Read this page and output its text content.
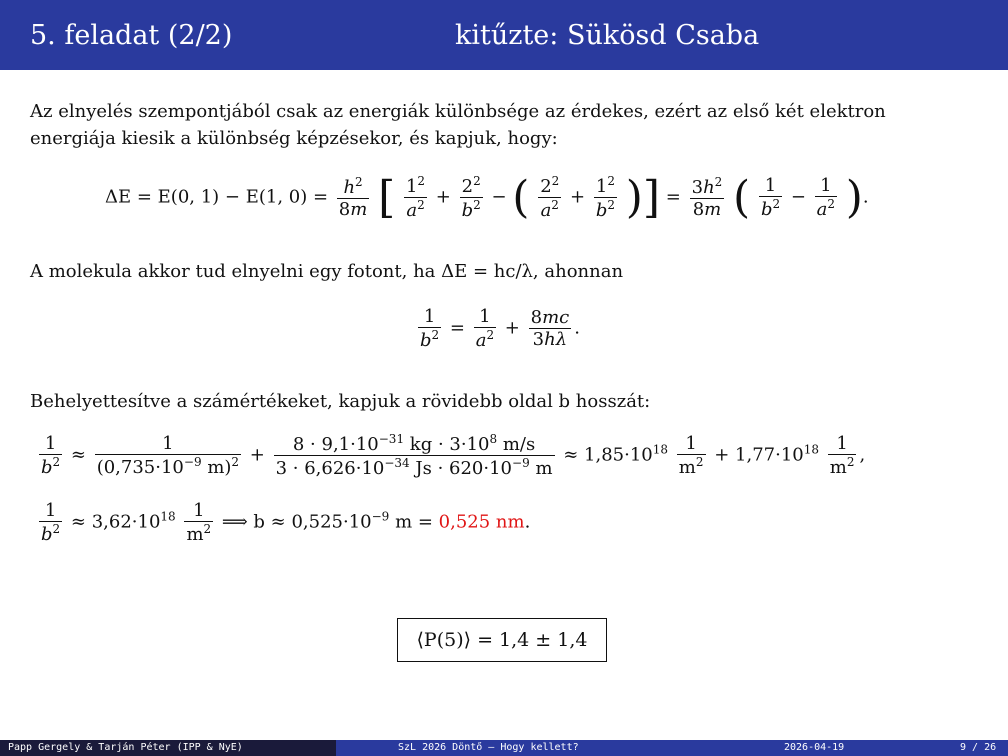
5. feladat (2/2)	kitűzte: Sükösd Csaba
Az elnyelés szempontjából csak az energiák különbsége az érdekes, ezért az első két elektron
energiája kiesik a különbség képzésekor, és kapjuk, hogy:
ΔE = E(0, 1) − E(1, $0) = \frac{h^2}{8m}$ [ $\frac{1^2}{a^2} + \frac{2^2}{b^2}$ − ( $\frac{2^2}{a^2} + \frac{1^2}{b^2}$ )] = $\frac{3h^2}{8m}$ ( $\frac{1}{b^2} - \frac{1}{a^2}$ ).
A molekula akkor tud elnyelni egy fotont, ha ΔE = hc/λ, ahonnan
$\frac{1}{b^2} = \frac{1}{a^2} + \frac{8mc}{3h\lambda}$ .
Behelyettesítve a számértékeket, kapjuk a rövidebb oldal b hosszát:
$\frac{1}{b^2} \approx \frac{1}{(0,735\cdot 10^{-9} m)^2} + \frac{8 \cdot 9,1\cdot 10^{-31} kg \cdot 3\cdot 10^8 m/s}{3 \cdot 6,626\cdot 10^{-34} Js \cdot 620\cdot 10^{-9} m} \approx 1,85\cdot 10^{18} \frac{1}{m^2} + 1,77\cdot 10^{18} \frac{1}{m^2}$ ,
$\frac{1}{b^2} \approx 3,62\cdot 10^{18} \frac{1}{m^2}$ ⟹ $b \approx 0,525\cdot 10^{-9}$ m = 0,525 nm.
⟨P(5)⟩ = 1,4 ± 1,4
Papp Gergely & Tarján Péter (IPP & NyE)	SzL 2026 Döntő – Hogy kellett?	2026-04-19	9 / 26
